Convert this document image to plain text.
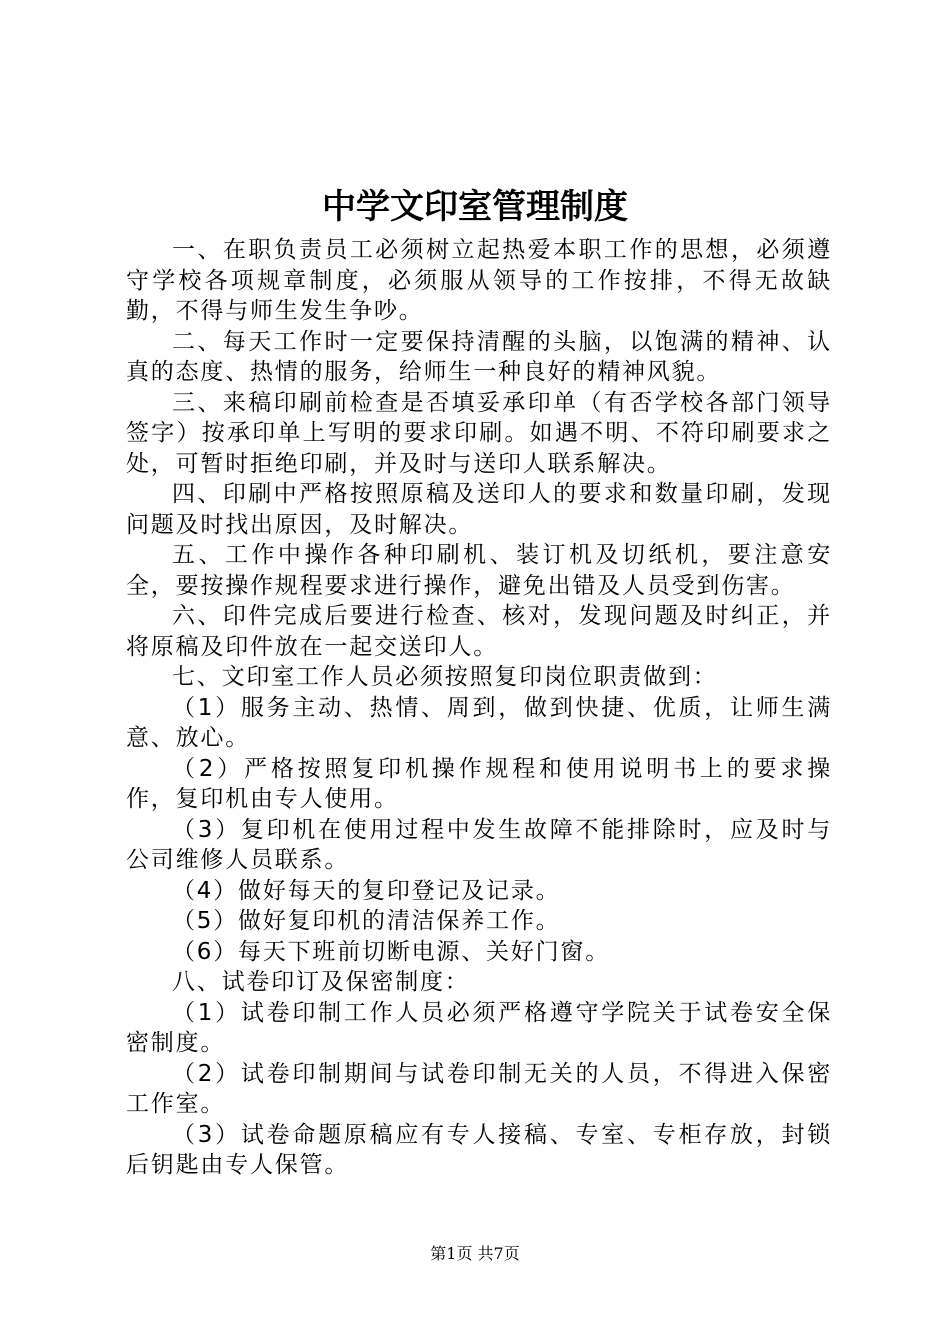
中学文印室管理制度

一、在职负责员工必须树立起热爱本职工作的思想，必须遵守学校各项规章制度，必须服从领导的工作按排，不得无故缺勤，不得与师生发生争吵。

二、每天工作时一定要保持清醒的头脑，以饱满的精神、认真的态度、热情的服务，给师生一种良好的精神风貌。

三、来稿印刷前检查是否填妥承印单（有否学校各部门领导签字）按承印单上写明的要求印刷。如遇不明、不符印刷要求之处，可暂时拒绝印刷，并及时与送印人联系解决。

四、印刷中严格按照原稿及送印人的要求和数量印刷，发现问题及时找出原因，及时解决。

五、工作中操作各种印刷机、装订机及切纸机，要注意安全，要按操作规程要求进行操作，避免出错及人员受到伤害。

六、印件完成后要进行检查、核对，发现问题及时纠正，并将原稿及印件放在一起交送印人。

七、文印室工作人员必须按照复印岗位职责做到：

（1）服务主动、热情、周到，做到快捷、优质，让师生满意、放心。

（2）严格按照复印机操作规程和使用说明书上的要求操作，复印机由专人使用。

（3）复印机在使用过程中发生故障不能排除时，应及时与公司维修人员联系。

（4）做好每天的复印登记及记录。

（5）做好复印机的清洁保养工作。

（6）每天下班前切断电源、关好门窗。

八、试卷印订及保密制度：

（1）试卷印制工作人员必须严格遵守学院关于试卷安全保密制度。

（2）试卷印制期间与试卷印制无关的人员，不得进入保密工作室。

（3）试卷命题原稿应有专人接稿、专室、专柜存放，封锁后钥匙由专人保管。

第1页 共7页
